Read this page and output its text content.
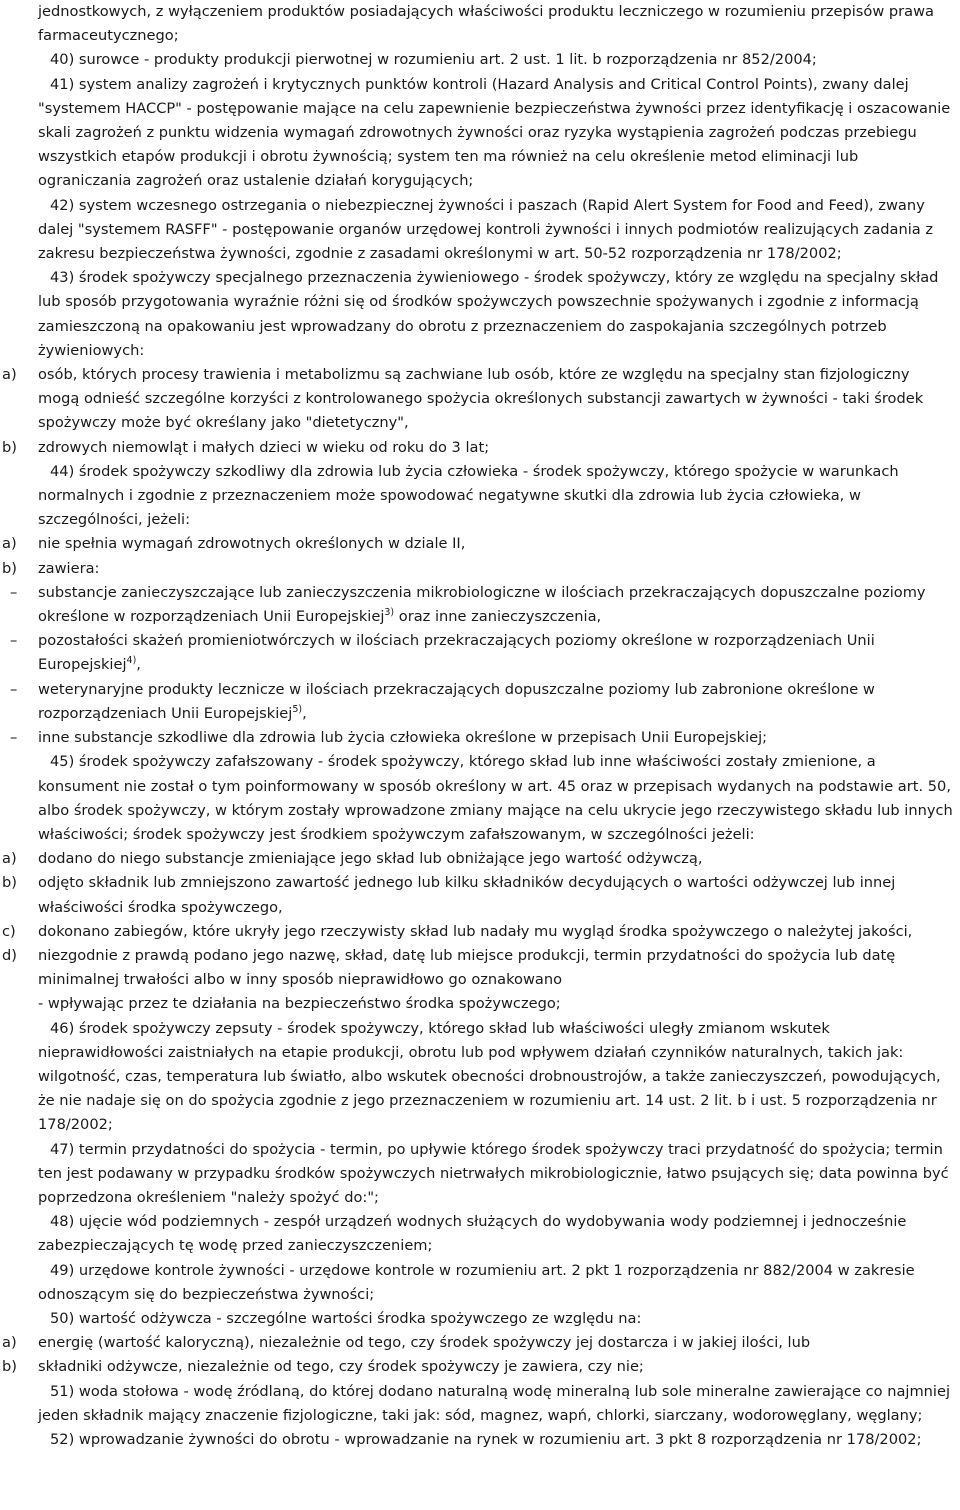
jednostkowych, z wyłączeniem produktów posiadających właściwości produktu leczniczego w rozumieniu przepisów prawa farmaceutycznego;
40) surowce - produkty produkcji pierwotnej w rozumieniu art. 2 ust. 1 lit. b rozporządzenia nr 852/2004;
41) system analizy zagrożeń i krytycznych punktów kontroli (Hazard Analysis and Critical Control Points), zwany dalej "systemem HACCP" - postępowanie mające na celu zapewnienie bezpieczeństwa żywności przez identyfikację i oszacowanie skali zagrożeń z punktu widzenia wymagań zdrowotnych żywności oraz ryzyka wystąpienia zagrożeń podczas przebiegu wszystkich etapów produkcji i obrotu żywnością; system ten ma również na celu określenie metod eliminacji lub ograniczania zagrożeń oraz ustalenie działań korygujących;
42) system wczesnego ostrzegania o niebezpiecznej żywności i paszach (Rapid Alert System for Food and Feed), zwany dalej "systemem RASFF" - postępowanie organów urzędowej kontroli żywności i innych podmiotów realizujących zadania z zakresu bezpieczeństwa żywności, zgodnie z zasadami określonymi w art. 50-52 rozporządzenia nr 178/2002;
43) środek spożywczy specjalnego przeznaczenia żywieniowego - środek spożywczy, który ze względu na specjalny skład lub sposób przygotowania wyraźnie różni się od środków spożywczych powszechnie spożywanych i zgodnie z informacją zamieszczoną na opakowaniu jest wprowadzany do obrotu z przeznaczeniem do zaspokajania szczególnych potrzeb żywieniowych:
a) osób, których procesy trawienia i metabolizmu są zachwiane lub osób, które ze względu na specjalny stan fizjologiczny mogą odnieść szczególne korzyści z kontrolowanego spożycia określonych substancji zawartych w żywności - taki środek spożywczy może być określany jako "dietetyczny",
b) zdrowych niemowląt i małych dzieci w wieku od roku do 3 lat;
44) środek spożywczy szkodliwy dla zdrowia lub życia człowieka - środek spożywczy, którego spożycie w warunkach normalnych i zgodnie z przeznaczeniem może spowodować negatywne skutki dla zdrowia lub życia człowieka, w szczególności, jeżeli:
a) nie spełnia wymagań zdrowotnych określonych w dziale II,
b) zawiera:
– substancje zanieczyszczające lub zanieczyszczenia mikrobiologiczne w ilościach przekraczających dopuszczalne poziomy określone w rozporządzeniach Unii Europejskiej$^{3)}$ oraz inne zanieczyszczenia,
– pozostałości skażeń promieniotwórczych w ilościach przekraczających poziomy określone w rozporządzeniach Unii Europejskiej$^{4)}$,
– weterynaryjne produkty lecznicze w ilościach przekraczających dopuszczalne poziomy lub zabronione określone w rozporządzeniach Unii Europejskiej$^{5)}$,
– inne substancje szkodliwe dla zdrowia lub życia człowieka określone w przepisach Unii Europejskiej;
45) środek spożywczy zafałszowany - środek spożywczy, którego skład lub inne właściwości zostały zmienione, a konsument nie został o tym poinformowany w sposób określony w art. 45 oraz w przepisach wydanych na podstawie art. 50, albo środek spożywczy, w którym zostały wprowadzone zmiany mające na celu ukrycie jego rzeczywistego składu lub innych właściwości; środek spożywczy jest środkiem spożywczym zafałszowanym, w szczególności jeżeli:
a) dodano do niego substancje zmieniające jego skład lub obniżające jego wartość odżywczą,
b) odjęto składnik lub zmniejszono zawartość jednego lub kilku składników decydujących o wartości odżywczej lub innej właściwości środka spożywczego,
c) dokonano zabiegów, które ukryły jego rzeczywisty skład lub nadały mu wygląd środka spożywczego o należytej jakości,
d) niezgodnie z prawdą podano jego nazwę, skład, datę lub miejsce produkcji, termin przydatności do spożycia lub datę minimalnej trwałości albo w inny sposób nieprawidłowo go oznakowano
- wpływając przez te działania na bezpieczeństwo środka spożywczego;
46) środek spożywczy zepsuty - środek spożywczy, którego skład lub właściwości uległy zmianom wskutek nieprawidłowości zaistniałych na etapie produkcji, obrotu lub pod wpływem działań czynników naturalnych, takich jak: wilgotność, czas, temperatura lub światło, albo wskutek obecności drobnoustrojów, a także zanieczyszczeń, powodujących, że nie nadaje się on do spożycia zgodnie z jego przeznaczeniem w rozumieniu art. 14 ust. 2 lit. b i ust. 5 rozporządzenia nr 178/2002;
47) termin przydatności do spożycia - termin, po upływie którego środek spożywczy traci przydatność do spożycia; termin ten jest podawany w przypadku środków spożywczych nietrwałych mikrobiologicznie, łatwo psujących się; data powinna być poprzedzona określeniem "należy spożyć do:";
48) ujęcie wód podziemnych - zespół urządzeń wodnych służących do wydobywania wody podziemnej i jednocześnie zabezpieczających tę wodę przed zanieczyszczeniem;
49) urzędowe kontrole żywności - urzędowe kontrole w rozumieniu art. 2 pkt 1 rozporządzenia nr 882/2004 w zakresie odnoszącym się do bezpieczeństwa żywności;
50) wartość odżywcza - szczególne wartości środka spożywczego ze względu na:
a) energię (wartość kaloryczną), niezależnie od tego, czy środek spożywczy jej dostarcza i w jakiej ilości, lub
b) składniki odżywcze, niezależnie od tego, czy środek spożywczy je zawiera, czy nie;
51) woda stołowa - wodę źródlaną, do której dodano naturalną wodę mineralną lub sole mineralne zawierające co najmniej jeden składnik mający znaczenie fizjologiczne, taki jak: sód, magnez, wapń, chlorki, siarczany, wodorowęglany, węglany;
52) wprowadzanie żywności do obrotu - wprowadzanie na rynek w rozumieniu art. 3 pkt 8 rozporządzenia nr 178/2002;
